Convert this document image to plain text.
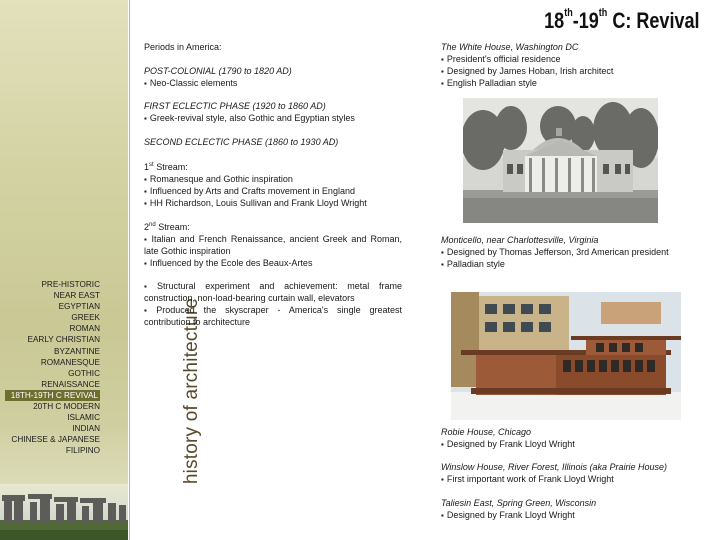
history of architecture
PRE-HISTORIC
NEAR EAST
EGYPTIAN
GREEK
ROMAN
EARLY CHRISTIAN
BYZANTINE
ROMANESQUE
GOTHIC
RENAISSANCE
18TH-19TH C REVIVAL
20TH C MODERN
ISLAMIC
INDIAN
CHINESE & JAPANESE
FILIPINO
18th-19th C: Revival

Periods in America:

POST-COLONIAL (1790 to 1820 AD)

▪ Neo-Classic elements

FIRST ECLECTIC PHASE (1920 to 1860 AD)

▪ Greek-revival style, also Gothic and Egyptian styles

SECOND ECLECTIC PHASE (1860 to 1930 AD)

1st Stream:

▪ Romanesque and Gothic inspiration

▪ Influenced by Arts and Crafts movement in England

▪ HH Richardson, Louis Sullivan and Frank Lloyd Wright

2nd Stream:

▪ Italian and French Renaissance, ancient Greek and Roman, late Gothic inspiration

▪ Influenced by the Ecole des Beaux-Artes

▪ Structural experiment and achievement: metal frame construction, non-load-bearing curtain wall, elevators

▪ Produced the skyscraper - America's single greatest contribution to architecture

The White House, Washington DC

▪ President's official residence

▪ Designed by James Hoban, Irish architect

▪ English Palladian style

Monticello, near Charlottesville, Virginia

▪ Designed by Thomas Jefferson, 3rd American president

▪ Palladian style

Robie House, Chicago

▪ Designed by Frank Lloyd Wright

Winslow House, River Forest, Illinois (aka Prairie House)

▪ First important work of Frank Lloyd Wright

Taliesin East, Spring Green, Wisconsin

▪ Designed by Frank Lloyd Wright
